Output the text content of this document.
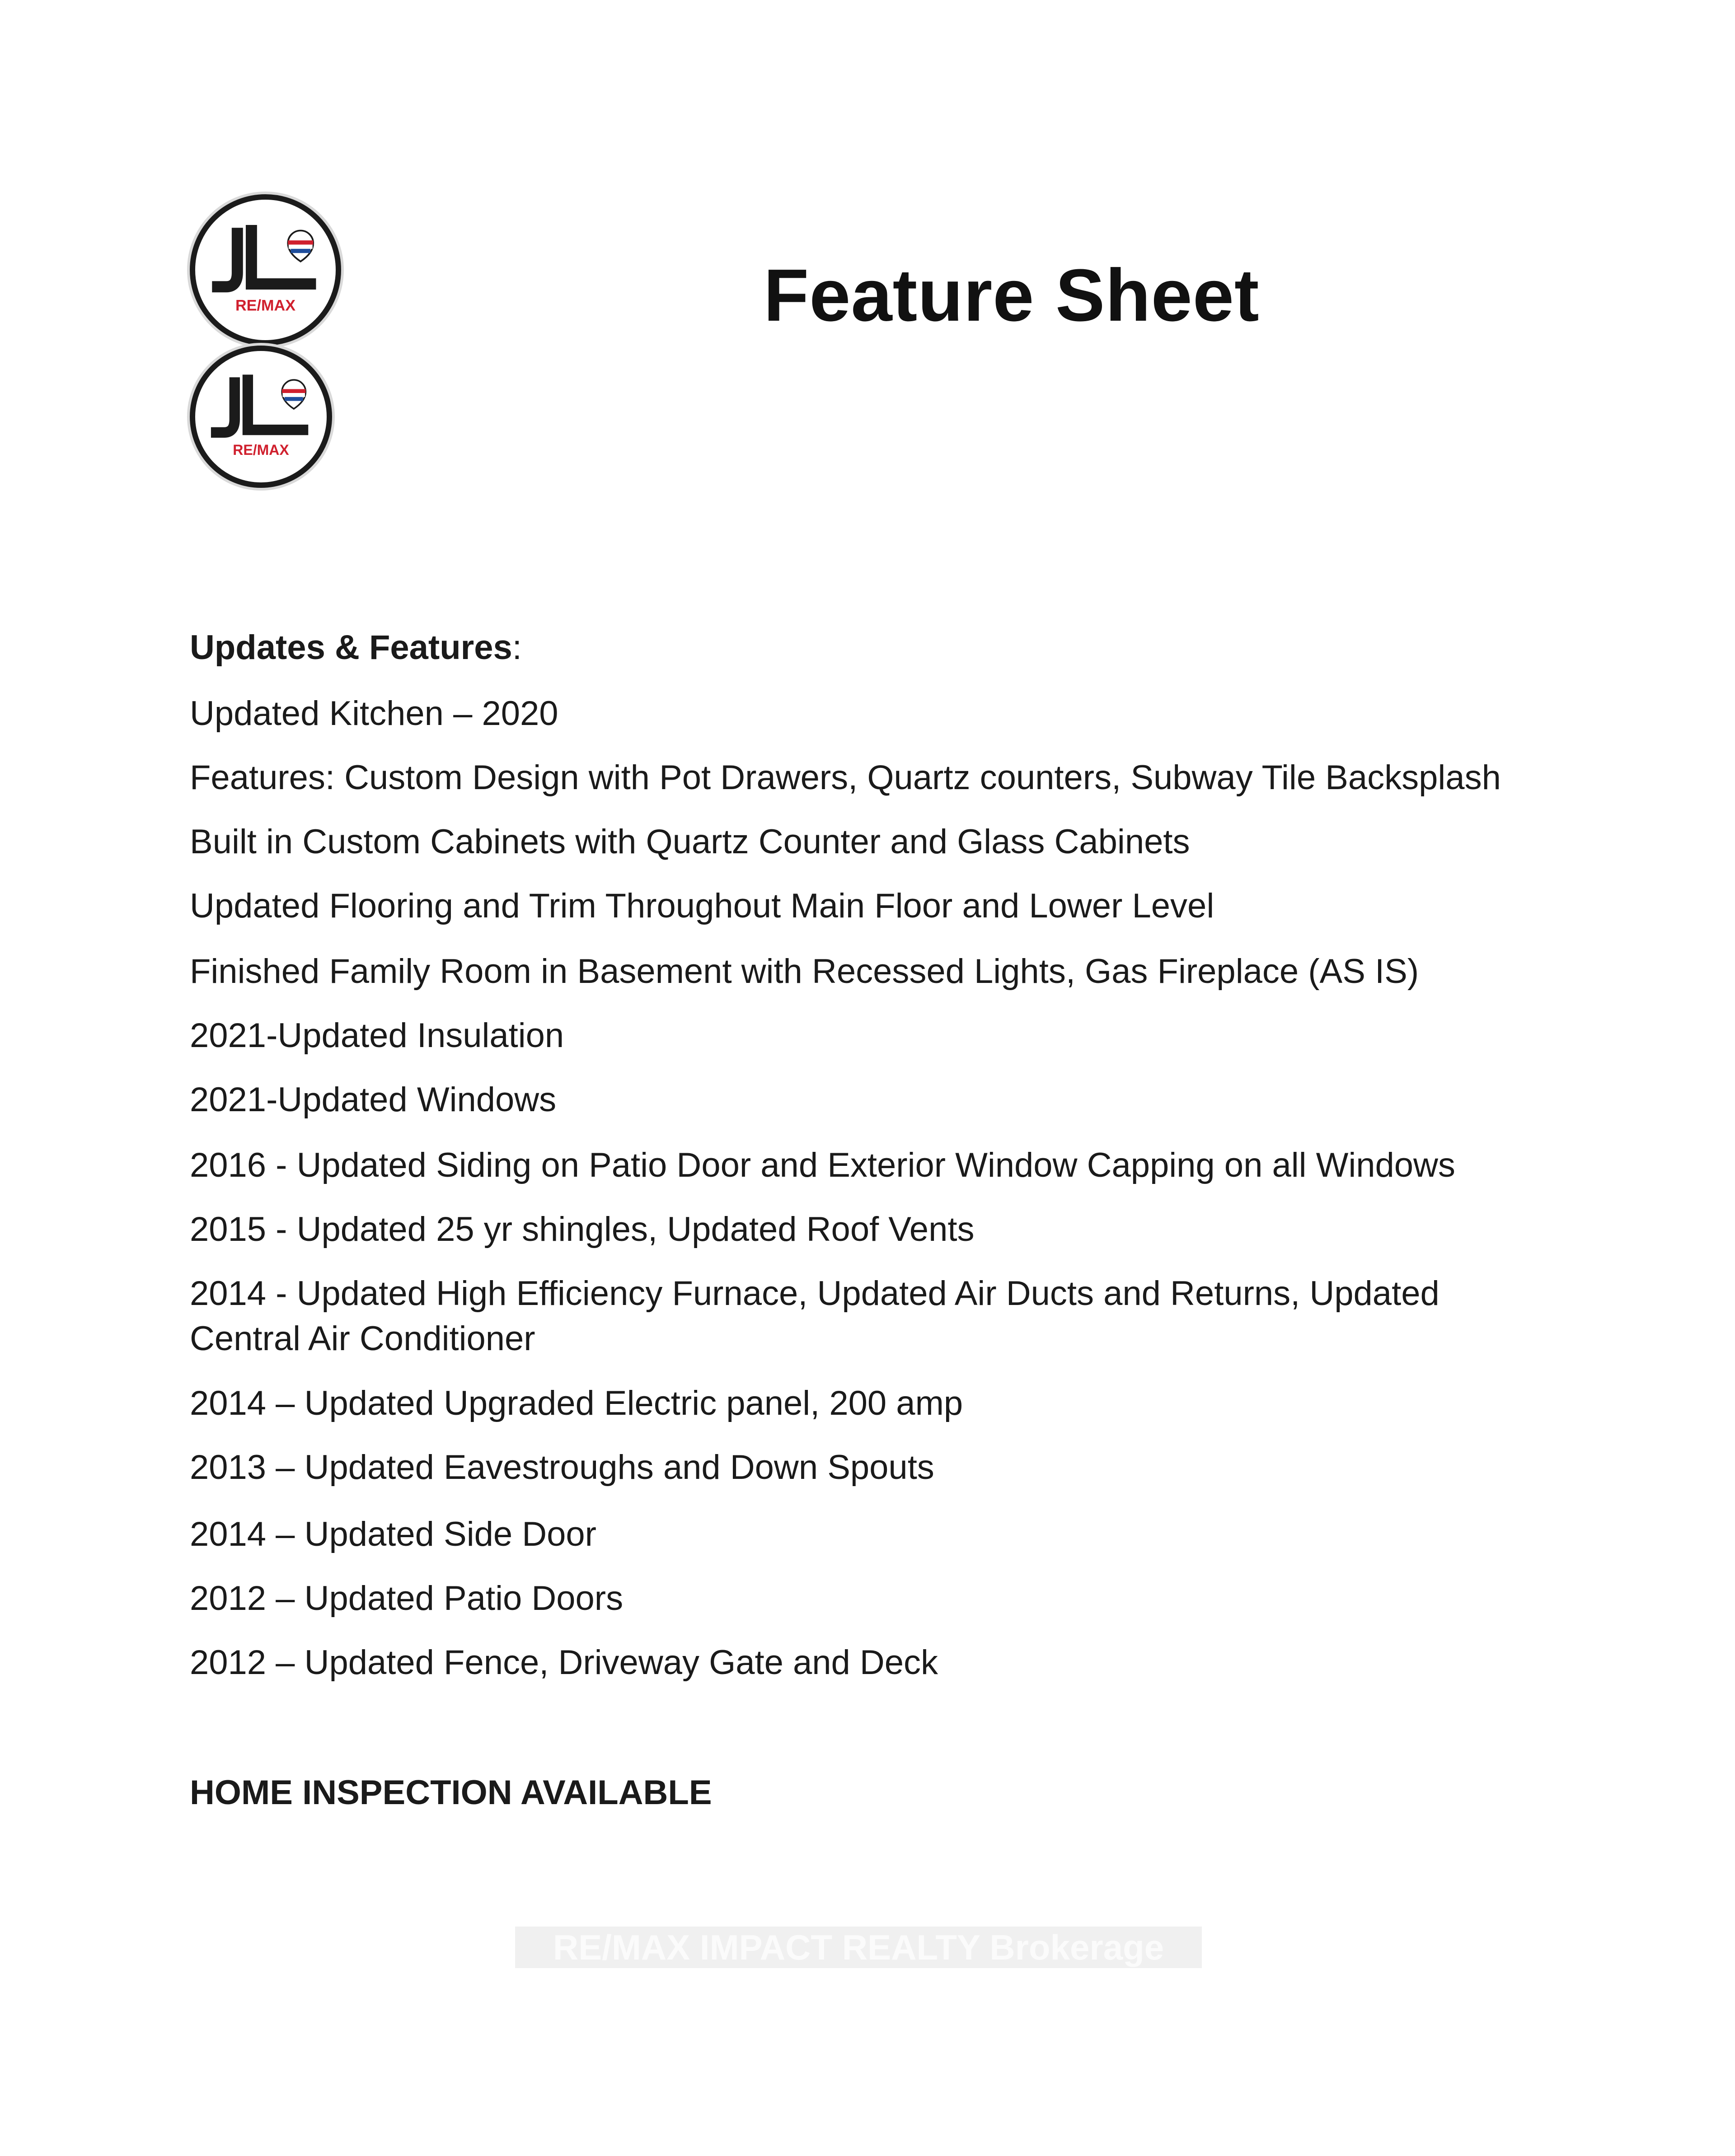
RE/MAX
RE/MAX
Feature Sheet
Updates & Features:
Updated Kitchen – 2020
Features: Custom Design with Pot Drawers, Quartz counters, Subway Tile Backsplash
Built in Custom Cabinets with Quartz Counter and Glass Cabinets
Updated Flooring and Trim Throughout Main Floor and Lower Level
Finished Family Room in Basement with Recessed Lights, Gas Fireplace (AS IS)
2021-Updated Insulation
2021-Updated Windows
2016 - Updated Siding on Patio Door and Exterior Window Capping on all Windows
2015 - Updated 25 yr shingles, Updated Roof Vents
2014 - Updated High Efficiency Furnace, Updated Air Ducts and Returns, Updated Central Air Conditioner
2014 – Updated Upgraded Electric panel, 200 amp
2013 – Updated Eavestroughs and Down Spouts
2014 – Updated Side Door
2012 – Updated Patio Doors
2012 – Updated Fence, Driveway Gate and Deck
HOME INSPECTION AVAILABLE
RE/MAX IMPACT REALTY Brokerage
